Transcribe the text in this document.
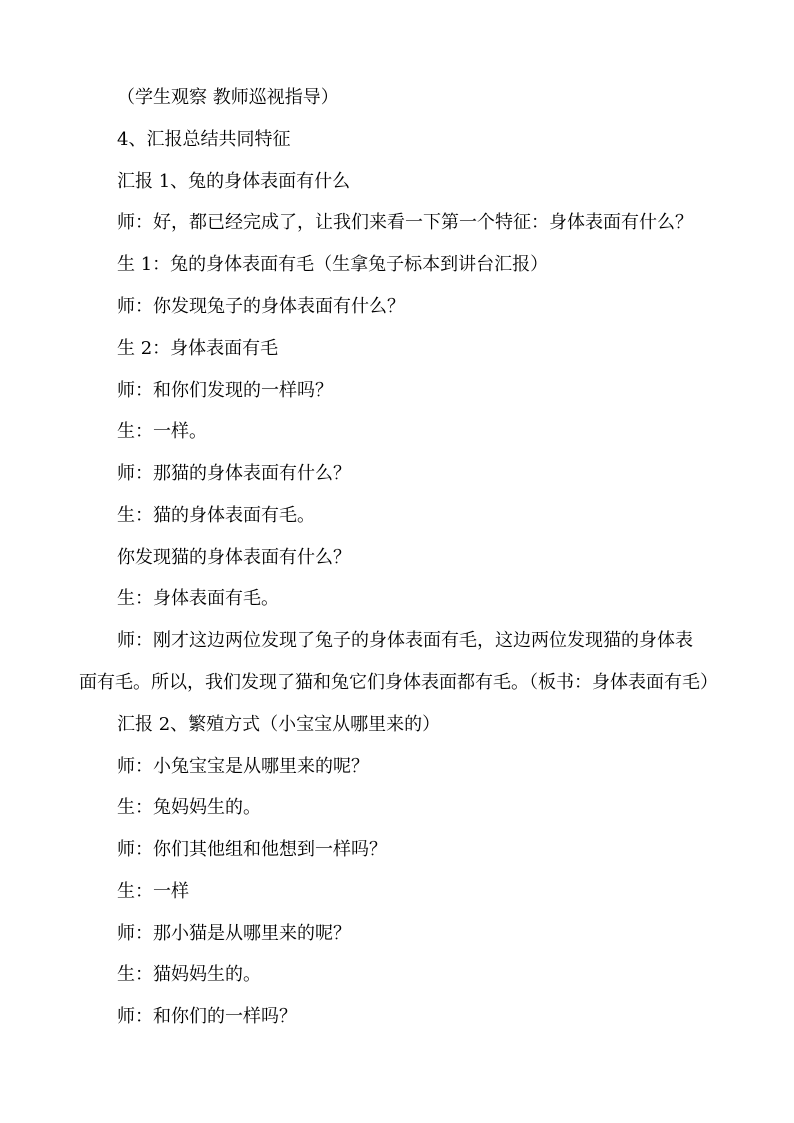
（学生观察 教师巡视指导）
4、汇报总结共同特征
汇报 1、兔的身体表面有什么
师：好，都已经完成了，让我们来看一下第一个特征：身体表面有什么？
生 1：兔的身体表面有毛（生拿兔子标本到讲台汇报）
师：你发现兔子的身体表面有什么？
生 2：身体表面有毛
师：和你们发现的一样吗？
生：一样。
师：那猫的身体表面有什么？
生：猫的身体表面有毛。
你发现猫的身体表面有什么？
生：身体表面有毛。
师：刚才这边两位发现了兔子的身体表面有毛，这边两位发现猫的身体表
面有毛。所以，我们发现了猫和兔它们身体表面都有毛。（板书：身体表面有毛）
汇报 2、繁殖方式（小宝宝从哪里来的）
师：小兔宝宝是从哪里来的呢？
生：兔妈妈生的。
师：你们其他组和他想到一样吗？
生：一样
师：那小猫是从哪里来的呢？
生：猫妈妈生的。
师：和你们的一样吗？
